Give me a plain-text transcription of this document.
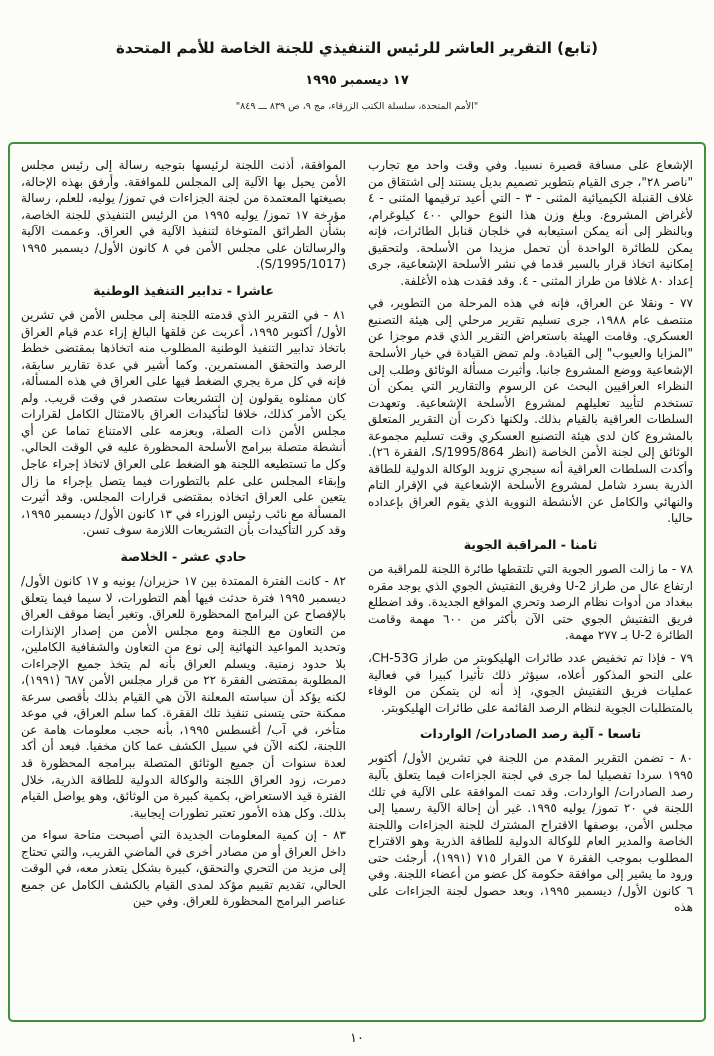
(تابع) التقرير العاشر للرئيس التنفيذي للجنة الخاصة للأمم المتحدة
١٧ ديسمبر ١٩٩٥
"الأمم المتحدة، سلسلة الكتب الزرقاء، مج ٩، ص ٨٣٩ ـــ ٨٤٩"

الإشعاع على مسافة قصيرة نسبيا. وفي وقت واحد مع تجارب "ناصر ٢٨"، جرى القيام بتطوير تصميم بديل يستند إلى اشتقاق من غلاف القنبلة الكيميائية المثنى - ٣ - التي أعيد ترقيمها المثنى - ٤ لأغراض المشروع. وبلغ وزن هذا النوع حوالي ٤٠٠ كيلوغرام، وبالنظر إلى أنه يمكن استيعابه في خلجان قنابل الطائرات، فإنه يمكن للطائرة الواحدة أن تحمل مزيدا من الأسلحة. ولتحقيق إمكانية اتخاذ قرار بالسير قدما في نشر الأسلحة الإشعاعية، جرى إعداد ٨٠ غلافا من طراز المثنى - ٤. وقد فقدت هذه الأغلفة.

٧٧ - ونقلا عن العراق، فإنه في هذه المرحلة من التطوير، في منتصف عام ١٩٨٨، جرى تسليم تقرير مرحلي إلى هيئة التصنيع العسكري. وقامت الهيئة باستعراض التقرير الذي قدم موجزا عن "المزايا والعيوب" إلى القيادة. ولم تمض القيادة في خيار الأسلحة الإشعاعية ووضع المشروع جانبا. وأثيرت مسألة الوثائق وطلب إلى النظراء العراقيين البحث عن الرسوم والتقارير التي يمكن أن تستخدم لتأييد تعليلهم لمشروع الأسلحة الإشعاعية. وتعهدت السلطات العراقية بالقيام بذلك. ولكنها ذكرت أن التقرير المتعلق بالمشروع كان لدى هيئة التصنيع العسكري وقت تسليم مجموعة الوثائق إلى لجنة الأمن الخاصة (انظر S/1995/864، الفقرة ٢٦). وأكدت السلطات العراقية أنه سيجري تزويد الوكالة الدولية للطاقة الذرية بسرد شامل لمشروع الأسلحة الإشعاعية في الإقرار التام والنهائي والكامل عن الأنشطة النووية الذي يقوم العراق بإعداده حاليا.

ثامنا - المراقبة الجوية

٧٨ - ما زالت الصور الجوية التي تلتقطها طائرة اللجنة للمراقبة من ارتفاع عال من طراز U-2 وفريق التفتيش الجوي الذي يوجد مقره ببغداد من أدوات نظام الرصد وتحري المواقع الجديدة. وقد اضطلع فريق التفتيش الجوي حتى الآن بأكثر من ٦٠٠ مهمة وقامت الطائرة U-2 بـ ٢٧٧ مهمة.

٧٩ - فإذا تم تخفيض عدد طائرات الهليكوبتر من طراز CH-53G، على النحو المذكور أعلاه، سيؤثر ذلك تأثيرا كبيرا في فعالية عمليات فريق التفتيش الجوي، إذ أنه لن يتمكن من الوفاء بالمتطلبات الجوية لنظام الرصد القائمة على طائرات الهليكوبتر.

تاسعا - آلية رصد الصادرات/ الواردات

٨٠ - تضمن التقرير المقدم من اللجنة في تشرين الأول/ أكتوبر ١٩٩٥ سردا تفصيليا لما جرى في لجنة الجزاءات فيما يتعلق بآلية رصد الصادرات/ الواردات. وقد تمت الموافقة على الآلية في تلك اللجنة في ٢٠ تموز/ يوليه ١٩٩٥. غير أن إحالة الآلية رسميا إلى مجلس الأمن، بوصفها الاقتراح المشترك للجنة الجزاءات واللجنة الخاصة والمدير العام للوكالة الدولية للطاقة الذرية وهو الاقتراح المطلوب بموجب الفقرة ٧ من القرار ٧١٥ (١٩٩١)، أرجئت حتى ورود ما يشير إلى موافقة حكومة كل عضو من أعضاء اللجنة. وفي ٦ كانون الأول/ ديسمبر ١٩٩٥، وبعد حصول لجنة الجزاءات على هذه

الموافقة، أذنت اللجنة لرئيسها بتوجيه رسالة إلى رئيس مجلس الأمن يحيل بها الآلية إلى المجلس للموافقة. وأرفق بهذه الإحالة، بصيغتها المعتمدة من لجنة الجزاءات في تموز/ يوليه، للعلم، رسالة مؤرخة ١٧ تموز/ يوليه ١٩٩٥ من الرئيس التنفيذي للجنة الخاصة، بشأن الطرائق المتوخاة لتنفيذ الآلية في العراق. وعممت الآلية والرسالتان على مجلس الأمن في ٨ كانون الأول/ ديسمبر ١٩٩٥ (S/1995/1017).

عاشرا - تدابير التنفيذ الوطنية

٨١ - في التقرير الذي قدمته اللجنة إلى مجلس الأمن في تشرين الأول/ أكتوبر ١٩٩٥، أعربت عن قلقها البالغ إزاء عدم قيام العراق باتخاذ تدابير التنفيذ الوطنية المطلوب منه اتخاذها بمقتضى خطط الرصد والتحقق المستمرين. وكما أشير في عدة تقارير سابقة، فإنه في كل مرة يجري الضغط فيها على العراق في هذه المسألة، كان ممثلوه يقولون إن التشريعات ستصدر في وقت قريب. ولم يكن الأمر كذلك، خلافا لتأكيدات العراق بالامتثال الكامل لقرارات مجلس الأمن ذات الصلة، وبعزمه على الامتناع تماما عن أي أنشطة متصلة ببرامج الأسلحة المحظورة عليه في الوقت الحالي. وكل ما تستطيعه اللجنة هو الضغط على العراق لاتخاذ إجراء عاجل وإبقاء المجلس على علم بالتطورات فيما يتصل بإجراء ما زال يتعين على العراق اتخاذه بمقتضى قرارات المجلس. وقد أثيرت المسألة مع نائب رئيس الوزراء في ١٣ كانون الأول/ ديسمبر ١٩٩٥، وقد كرر التأكيدات بأن التشريعات اللازمة سوف تسن.

حادي عشر - الخلاصة

٨٢ - كانت الفترة الممتدة بين ١٧ حزيران/ يونيه و ١٧ كانون الأول/ ديسمبر ١٩٩٥ فترة حدثت فيها أهم التطورات، لا سيما فيما يتعلق بالإفصاح عن البرامج المحظورة للعراق. وتغير أيضا موقف العراق من التعاون مع اللجنة ومع مجلس الأمن من إصدار الإنذارات وتحديد المواعيد النهائية إلى نوع من التعاون والشفافية الكاملين، بلا حدود زمنية. ويسلم العراق بأنه لم يتخذ جميع الإجراءات المطلوبة بمقتضى الفقرة ٢٢ من قرار مجلس الأمن ٦٨٧ (١٩٩١)، لكنه يؤكد أن سياسته المعلنة الآن هي القيام بذلك بأقصى سرعة ممكنة حتى يتسنى تنفيذ تلك الفقرة. كما سلم العراق، في موعد متأخر، في آب/ أغسطس ١٩٩٥، بأنه حجب معلومات هامة عن اللجنة، لكنه الآن في سبيل الكشف عما كان مخفيا. فبعد أن أكد لعدة سنوات أن جميع الوثائق المتصلة ببرامجه المحظورة قد دمرت، زود العراق اللجنة والوكالة الدولية للطاقة الذرية، خلال الفترة قيد الاستعراض، بكمية كبيرة من الوثائق، وهو يواصل القيام بذلك. وكل هذه الأمور تعتبر تطورات إيجابية.

٨٣ - إن كمية المعلومات الجديدة التي أصبحت متاحة سواء من داخل العراق أو من مصادر أخرى في الماضي القريب، والتي تحتاج إلى مزيد من التحري والتحقق، كبيرة بشكل يتعذر معه، في الوقت الحالي، تقديم تقييم مؤكد لمدى القيام بالكشف الكامل عن جميع عناصر البرامج المحظورة للعراق. وفي حين

١٠
